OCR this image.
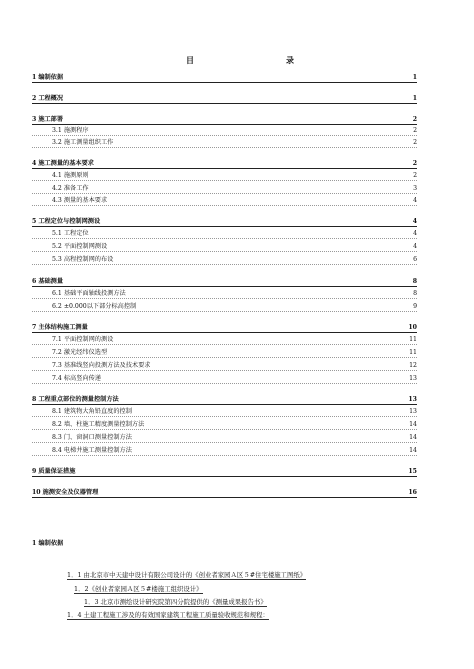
目	录
1 编制依据	1
2 工程概况	1
3 施工部署	2
3.1 施测程序	2
3.2 施工测量组织工作	2
4 施工测量的基本要求	2
4.1 施测原则	2
4.2 准备工作	3
4.3 测量的基本要求	4
5 工程定位与控制网测设	4
5.1 工程定位	4
5.2 平面控制网测设	4
5.3 高程控制网的布设	6
6 基础测量	8
6.1 基础平面轴线投测方法	8
6.2 ±0.000以下部分标高控制	9
7 主体结构施工测量	10
7.1 平面控制网的测设	11
7.2 激光经纬仪选型	11
7.3 基准线竖向投测方法及技术要求	12
7.4 标高竖向传递	13
8 工程重点部位的测量控制方法	13
8.1 建筑物大角铅直度的控制	13
8.2 墙、柱施工精度测量控制方法	14
8.3 门、窗洞口测量控制方法	14
8.4 电梯井施工测量控制方法	14
9 质量保证措施	15
10 施测安全及仪器管理	16
1 编制依据
1．1 由北京市中天建中设计有限公司设计的《创业者家园Ａ区５#住宅楼施工图纸》
1．2《创业者家园Ａ区５#楼施工组织设计》
1．3 北京市测绘设计研究院第四分院提供的《测量成果报告书》
1．4 土建工程施工涉及的有效国家建筑工程施工质量验收规范和规程：
